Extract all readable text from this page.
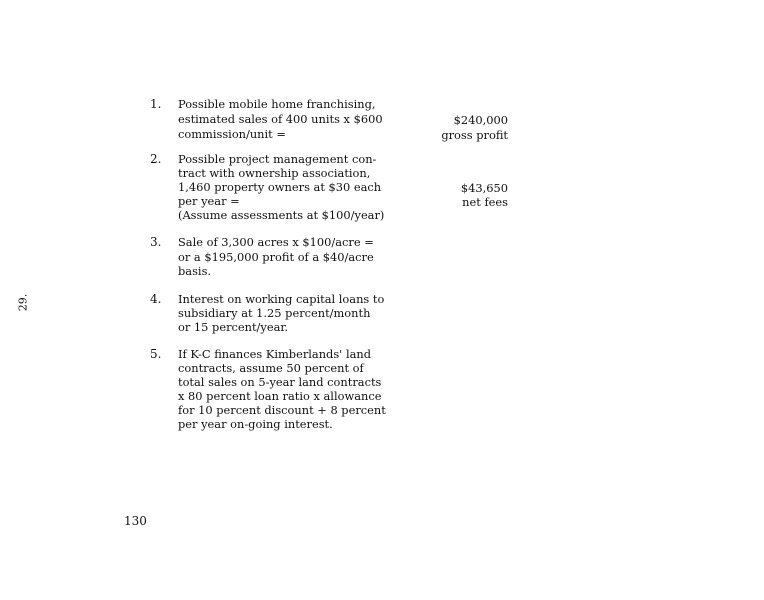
29.
1. Possible mobile home franchising,
estimated sales of 400 units x $600
commission/unit =
$240,000
gross profit
2. Possible project management con-
tract with ownership association,
1,460 property owners at $30 each
per year =
(Assume assessments at $100/year)
$43,650
net fees
3. Sale of 3,300 acres x $100/acre =
or a $195,000 profit of a $40/acre
basis.
4. Interest on working capital loans to
subsidiary at 1.25 percent/month
or 15 percent/year.
5. If K-C finances Kimberlands' land
contracts, assume 50 percent of
total sales on 5-year land contracts
x 80 percent loan ratio x allowance
for 10 percent discount + 8 percent
per year on-going interest.
130
